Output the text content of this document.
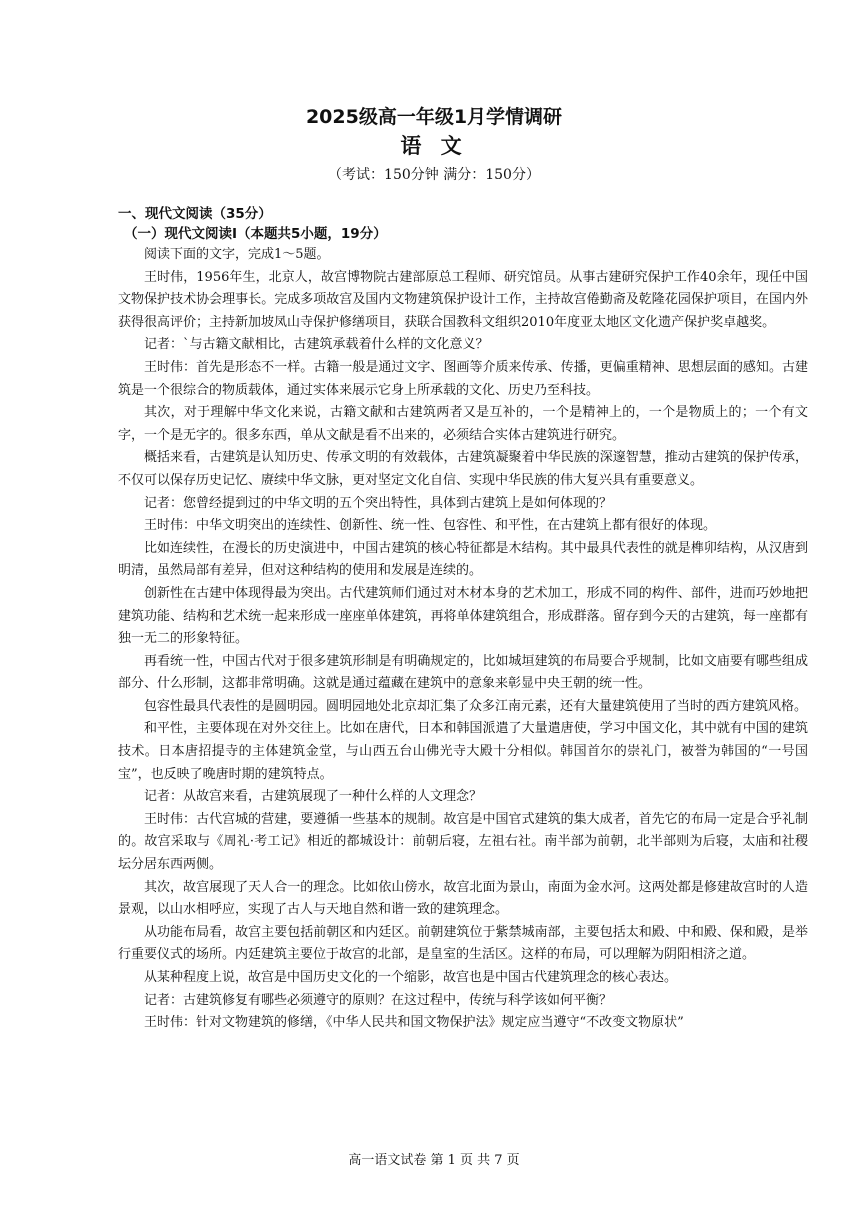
2025级高一年级1月学情调研

语 文

（考试：150分钟 满分：150分）

一、现代文阅读（35分）

（一）现代文阅读Ⅰ（本题共5小题，19分）

阅读下面的文字，完成1～5题。

王时伟，1956年生，北京人，故宫博物院古建部原总工程师、研究馆员。从事古建研究保护工作40余年，现任中国文物保护技术协会理事长。完成多项故宫及国内文物建筑保护设计工作，主持故宫倦勤斋及乾隆花园保护项目，在国内外获得很高评价；主持新加坡凤山寺保护修缮项目，获联合国教科文组织2010年度亚太地区文化遗产保护奖卓越奖。

记者：`与古籍文献相比，古建筑承载着什么样的文化意义？

王时伟：首先是形态不一样。古籍一般是通过文字、图画等介质来传承、传播，更偏重精神、思想层面的感知。古建筑是一个很综合的物质载体，通过实体来展示它身上所承载的文化、历史乃至科技。

其次，对于理解中华文化来说，古籍文献和古建筑两者又是互补的，一个是精神上的，一个是物质上的；一个有文字，一个是无字的。很多东西，单从文献是看不出来的，必须结合实体古建筑进行研究。

概括来看，古建筑是认知历史、传承文明的有效载体，古建筑凝聚着中华民族的深邃智慧，推动古建筑的保护传承，不仅可以保存历史记忆、赓续中华文脉，更对坚定文化自信、实现中华民族的伟大复兴具有重要意义。

记者：您曾经提到过的中华文明的五个突出特性，具体到古建筑上是如何体现的？

王时伟：中华文明突出的连续性、创新性、统一性、包容性、和平性，在古建筑上都有很好的体现。

比如连续性，在漫长的历史演进中，中国古建筑的核心特征都是木结构。其中最具代表性的就是榫卯结构，从汉唐到明清，虽然局部有差异，但对这种结构的使用和发展是连续的。

创新性在古建中体现得最为突出。古代建筑师们通过对木材本身的艺术加工，形成不同的构件、部件，进而巧妙地把建筑功能、结构和艺术统一起来形成一座座单体建筑，再将单体建筑组合，形成群落。留存到今天的古建筑，每一座都有独一无二的形象特征。

再看统一性，中国古代对于很多建筑形制是有明确规定的，比如城垣建筑的布局要合乎规制，比如文庙要有哪些组成部分、什么形制，这都非常明确。这就是通过蕴藏在建筑中的意象来彰显中央王朝的统一性。

包容性最具代表性的是圆明园。圆明园地处北京却汇集了众多江南元素，还有大量建筑使用了当时的西方建筑风格。

和平性，主要体现在对外交往上。比如在唐代，日本和韩国派遣了大量遣唐使，学习中国文化，其中就有中国的建筑技术。日本唐招提寺的主体建筑金堂，与山西五台山佛光寺大殿十分相似。韩国首尔的崇礼门，被誉为韩国的“一号国宝”，也反映了晚唐时期的建筑特点。

记者：从故宫来看，古建筑展现了一种什么样的人文理念？

王时伟：古代宫城的营建，要遵循一些基本的规制。故宫是中国官式建筑的集大成者，首先它的布局一定是合乎礼制的。故宫采取与《周礼·考工记》相近的都城设计：前朝后寝，左祖右社。南半部为前朝，北半部则为后寝，太庙和社稷坛分居东西两侧。

其次，故宫展现了天人合一的理念。比如依山傍水，故宫北面为景山，南面为金水河。这两处都是修建故宫时的人造景观，以山水相呼应，实现了古人与天地自然和谐一致的建筑理念。

从功能布局看，故宫主要包括前朝区和内廷区。前朝建筑位于紫禁城南部，主要包括太和殿、中和殿、保和殿，是举行重要仪式的场所。内廷建筑主要位于故宫的北部，是皇室的生活区。这样的布局，可以理解为阴阳相济之道。

从某种程度上说，故宫是中国历史文化的一个缩影，故宫也是中国古代建筑理念的核心表达。

记者：古建筑修复有哪些必须遵守的原则？在这过程中，传统与科学该如何平衡？

王时伟：针对文物建筑的修缮，《中华人民共和国文物保护法》规定应当遵守“不改变文物原状”

高一语文试卷 第 1 页 共 7 页
